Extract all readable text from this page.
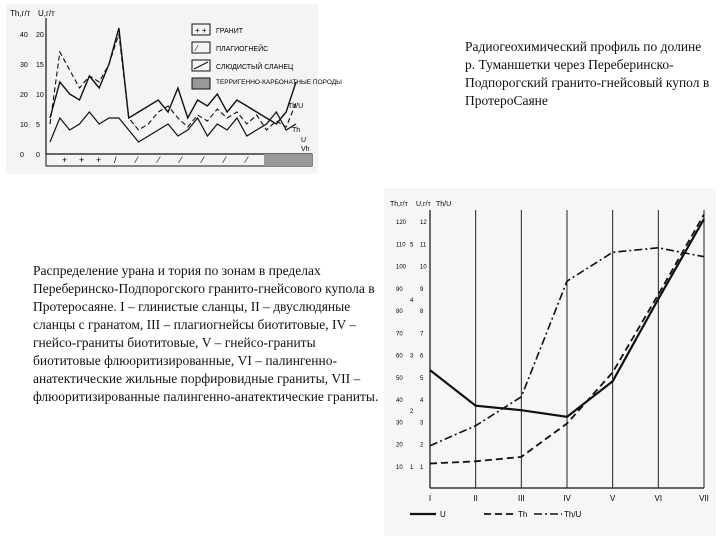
Th,г/т U,г/т
40 20
30 15
20 10
10 5
0 0 + + + / ⁄ ⁄ ⁄ ⁄ ⁄ ⁄
+ + ГРАНИТ
⁄	ПЛАГИОГНЕЙС
СЛЮДИСТЫЙ СЛАНЕЦ
ТЕРРИГЕННО-КАРБОНАТНЫЕ ПОРОДЫ
Th/U
Th
U
Vh
Радиогеохимический профиль по долине р. Туманшетки через Переберинско-Подпорогский гранито-гнейсовый купол в ПротероСаяне
Распределение урана и тория по зонам в пределах Переберинско-Подпорогского гранито-гнейсового купола в Протеросаяне. I – глинистые сланцы, II – двуслюдяные сланцы с гранатом, III – плагиогнейсы биотитовые, IV – гнейсо-граниты биотитовые, V – гнейсо-граниты биотитовые флюоритизированные, VI – палингенно-анатектические жильные порфировидные граниты, VII – флюоритизированные палингенно-анатектические граниты.
Th,г/т U,г/т Th/U
120 12
110 11
100 10
90	9
80	8
70	7
60	6
50	5
40	4
30	3
20	2
10	1
5
4
3
2
1
I	II	III	IV	V	VI	VII
U	Th	Th/U
